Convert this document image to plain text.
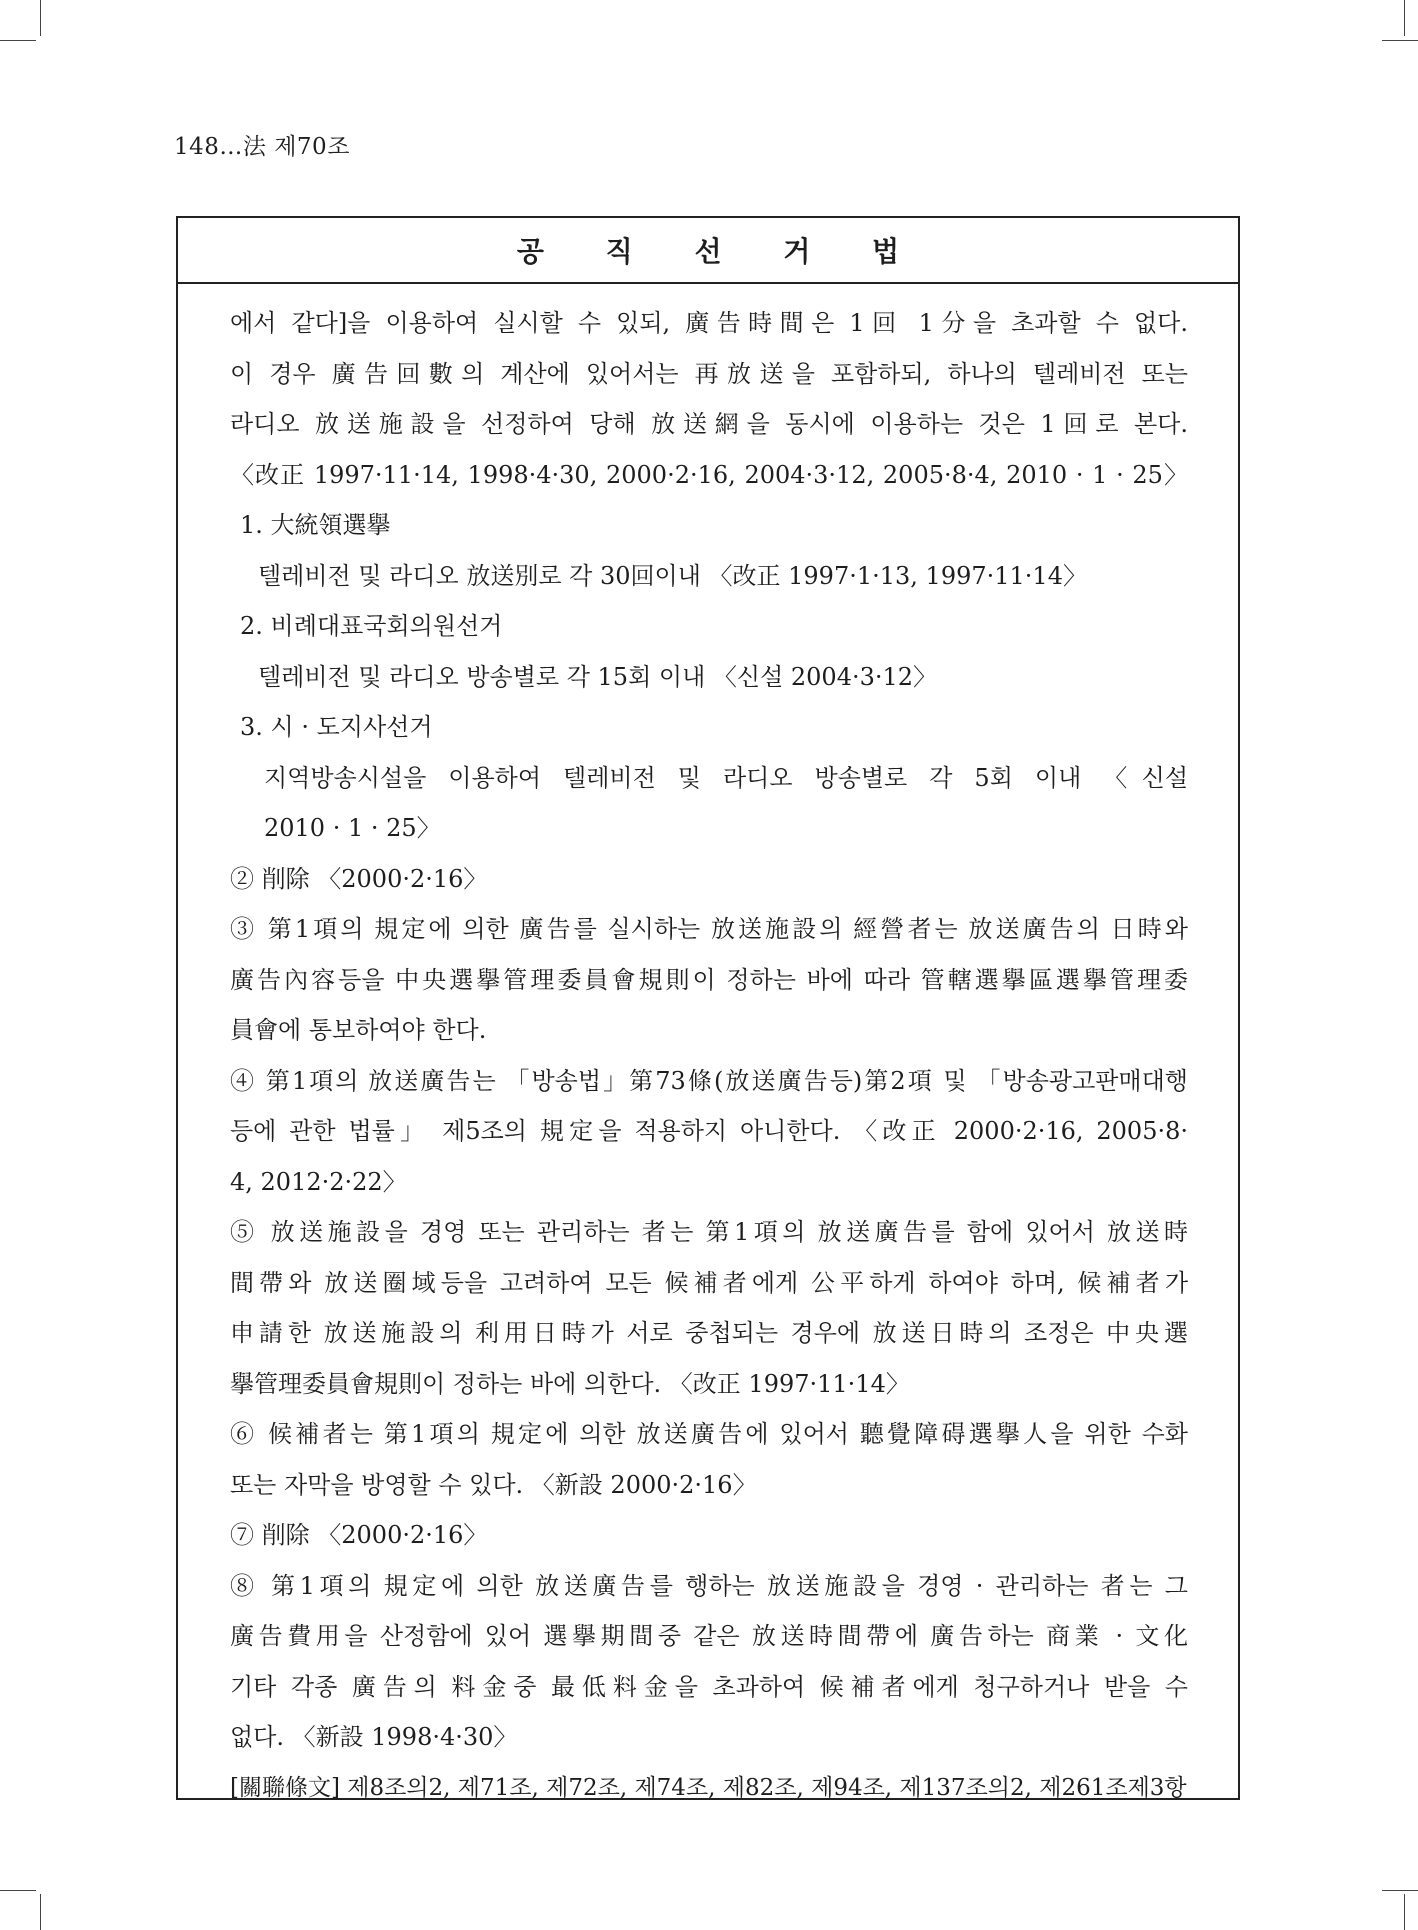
148…法 제70조
공 직 선 거 법
에서 같다]을 이용하여 실시할 수 있되, 廣告時間은 1回 1分을 초과할 수 없다.
이 경우 廣告回數의 계산에 있어서는 再放送을 포함하되, 하나의 텔레비전 또는
라디오 放送施設을 선정하여 당해 放送網을 동시에 이용하는 것은 1回로 본다.
〈改正 1997·11·14, 1998·4·30, 2000·2·16, 2004·3·12, 2005·8·4, 2010 · 1 · 25〉
1. 大統領選擧
텔레비전 및 라디오 放送別로 각 30回이내 〈改正 1997·1·13, 1997·11·14〉
2. 비례대표국회의원선거
텔레비전 및 라디오 방송별로 각 15회 이내 〈신설 2004·3·12〉
3. 시 · 도지사선거
지역방송시설을 이용하여 텔레비전 및 라디오 방송별로 각 5회 이내 〈신설
2010 · 1 · 25〉
② 削除 〈2000·2·16〉
③ 第1項의 規定에 의한 廣告를 실시하는 放送施設의 經營者는 放送廣告의 日時와
廣告內容등을 中央選擧管理委員會規則이 정하는 바에 따라 管轄選擧區選擧管理委
員會에 통보하여야 한다.
④ 第1項의 放送廣告는 「방송법」第73條(放送廣告등)第2項 및 「방송광고판매대행
등에 관한 법률」 제5조의 規定을 적용하지 아니한다. 〈改正 2000·2·16, 2005·8·
4, 2012·2·22〉
⑤ 放送施設을 경영 또는 관리하는 者는 第1項의 放送廣告를 함에 있어서 放送時
間帶와 放送圈域등을 고려하여 모든 候補者에게 公平하게 하여야 하며, 候補者가
申請한 放送施設의 利用日時가 서로 중첩되는 경우에 放送日時의 조정은 中央選
擧管理委員會規則이 정하는 바에 의한다. 〈改正 1997·11·14〉
⑥ 候補者는 第1項의 規定에 의한 放送廣告에 있어서 聽覺障碍選擧人을 위한 수화
또는 자막을 방영할 수 있다. 〈新設 2000·2·16〉
⑦ 削除 〈2000·2·16〉
⑧ 第1項의 規定에 의한 放送廣告를 행하는 放送施設을 경영 · 관리하는 者는 그
廣告費用을 산정함에 있어 選擧期間중 같은 放送時間帶에 廣告하는 商業 · 文化
기타 각종 廣告의 料金중 最低料金을 초과하여 候補者에게 청구하거나 받을 수
없다. 〈新設 1998·4·30〉
[關聯條文] 제8조의2, 제71조, 제72조, 제74조, 제82조, 제94조, 제137조의2, 제261조제3항
